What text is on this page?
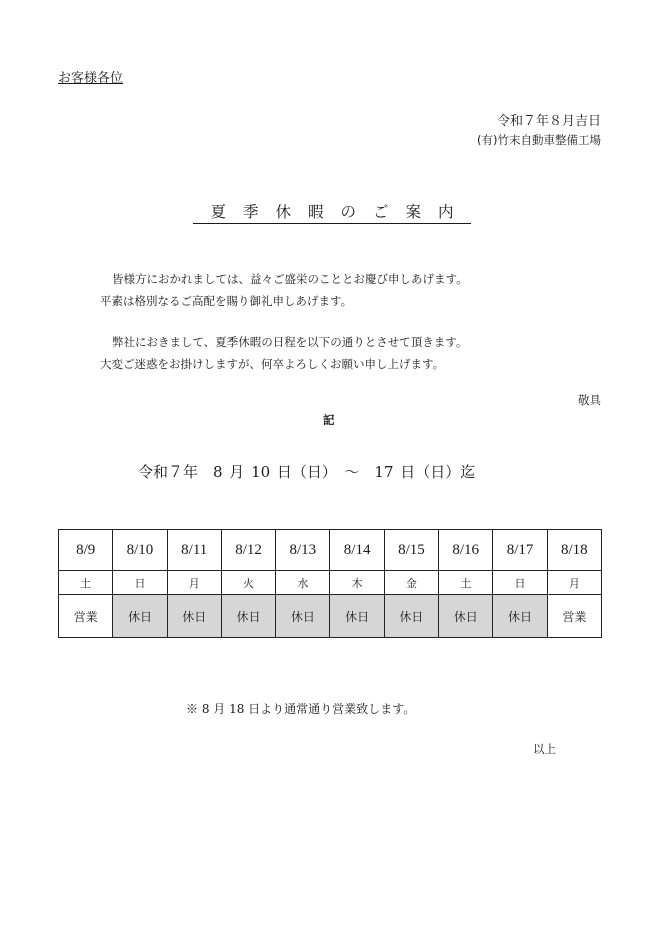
お客様各位
令和７年８月吉日
(有)竹末自動車整備工場
夏季休暇のご案内
皆様方におかれましては、益々ご盛栄のこととお慶び申しあげます。
平素は格別なるご高配を賜り御礼申しあげます。
弊社におきまして、夏季休暇の日程を以下の通りとさせて頂きます。
大変ご迷惑をお掛けしますが、何卒よろしくお願い申し上げます。
敬具
記
令和７年　8 月 10 日（日）　～　17 日（日）迄
8/9	8/10	8/11	8/12	8/13	8/14	8/15	8/16	8/17	8/18
土	日	月	火	水	木	金	土	日	月
営業	休日	休日	休日	休日	休日	休日	休日	休日	営業
※ 8 月 18 日より通常通り営業致します。
以上
